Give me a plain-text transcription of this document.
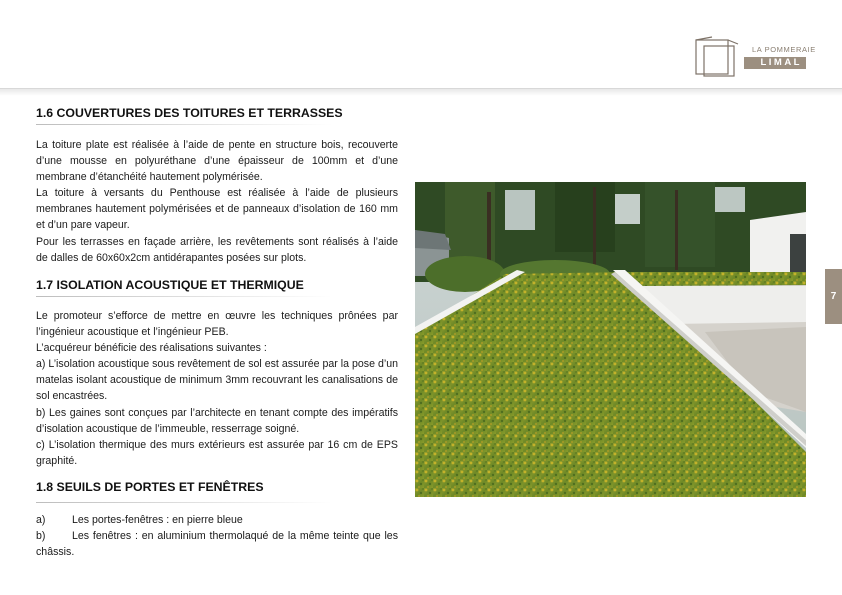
LA POMMERAIE
LIMAL
1.6 COUVERTURES DES TOITURES ET TERRASSES

La toiture plate est réalisée à l’aide de pente en structure bois, recouverte d’une mousse en polyuréthane d’une épaisseur de 100mm et d’une membrane d’étanchéité hautement polymérisée.

La toiture à versants du Penthouse est réalisée à l’aide de plusieurs membranes hautement polymérisées et de panneaux d’isolation de 160 mm et d’un pare vapeur.

Pour les terrasses en façade arrière, les revêtements sont réalisés à l’aide de dalles de 60x60x2cm antidérapantes posées sur plots.

1.7 ISOLATION ACOUSTIQUE ET THERMIQUE

Le promoteur s’efforce de mettre en œuvre les techniques prônées par l’ingénieur acoustique et l’ingénieur PEB.

L’acquéreur bénéficie des réalisations suivantes :

a) L’isolation acoustique sous revêtement de sol est assurée par la pose d’un matelas isolant acoustique de minimum 3mm recouvrant les canalisations de sol encastrées.

b) Les gaines sont conçues par l’architecte en tenant compte des impératifs d’isolation acoustique de l’immeuble, resserrage soigné.

c) L’isolation thermique des murs extérieurs est assurée par 16 cm de EPS graphité.

1.8 SEUILS DE PORTES ET FENÊTRES
a)	Les portes-fenêtres : en pierre bleue
b)	Les fenêtres : en aluminium thermolaqué de la même teinte que les châssis.
7
